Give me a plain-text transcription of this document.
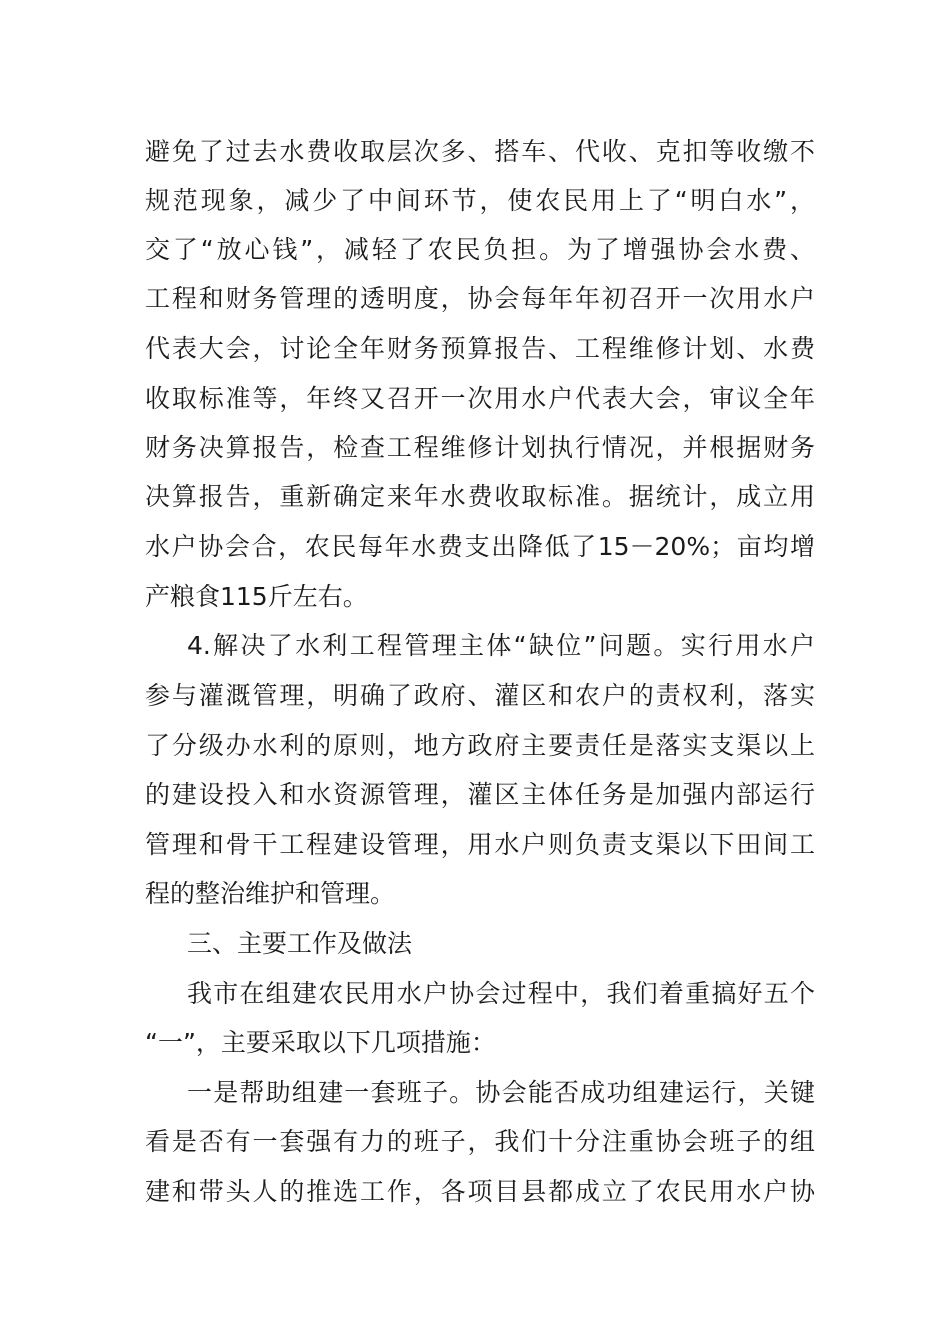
避免了过去水费收取层次多、搭车、代收、克扣等收缴不
规范现象，减少了中间环节，使农民用上了“明白水”，
交了“放心钱”，减轻了农民负担。为了增强协会水费、
工程和财务管理的透明度，协会每年年初召开一次用水户
代表大会，讨论全年财务预算报告、工程维修计划、水费
收取标准等，年终又召开一次用水户代表大会，审议全年
财务决算报告，检查工程维修计划执行情况，并根据财务
决算报告，重新确定来年水费收取标准。据统计，成立用
水户协会合，农民每年水费支出降低了15－20%；亩均增
产粮食115斤左右。
4.解决了水利工程管理主体“缺位”问题。实行用水户
参与灌溉管理，明确了政府、灌区和农户的责权利，落实
了分级办水利的原则，地方政府主要责任是落实支渠以上
的建设投入和水资源管理，灌区主体任务是加强内部运行
管理和骨干工程建设管理，用水户则负责支渠以下田间工
程的整治维护和管理。
三、主要工作及做法
我市在组建农民用水户协会过程中，我们着重搞好五个
“一”，主要采取以下几项措施：
一是帮助组建一套班子。协会能否成功组建运行，关键
看是否有一套强有力的班子，我们十分注重协会班子的组
建和带头人的推选工作，各项目县都成立了农民用水户协
